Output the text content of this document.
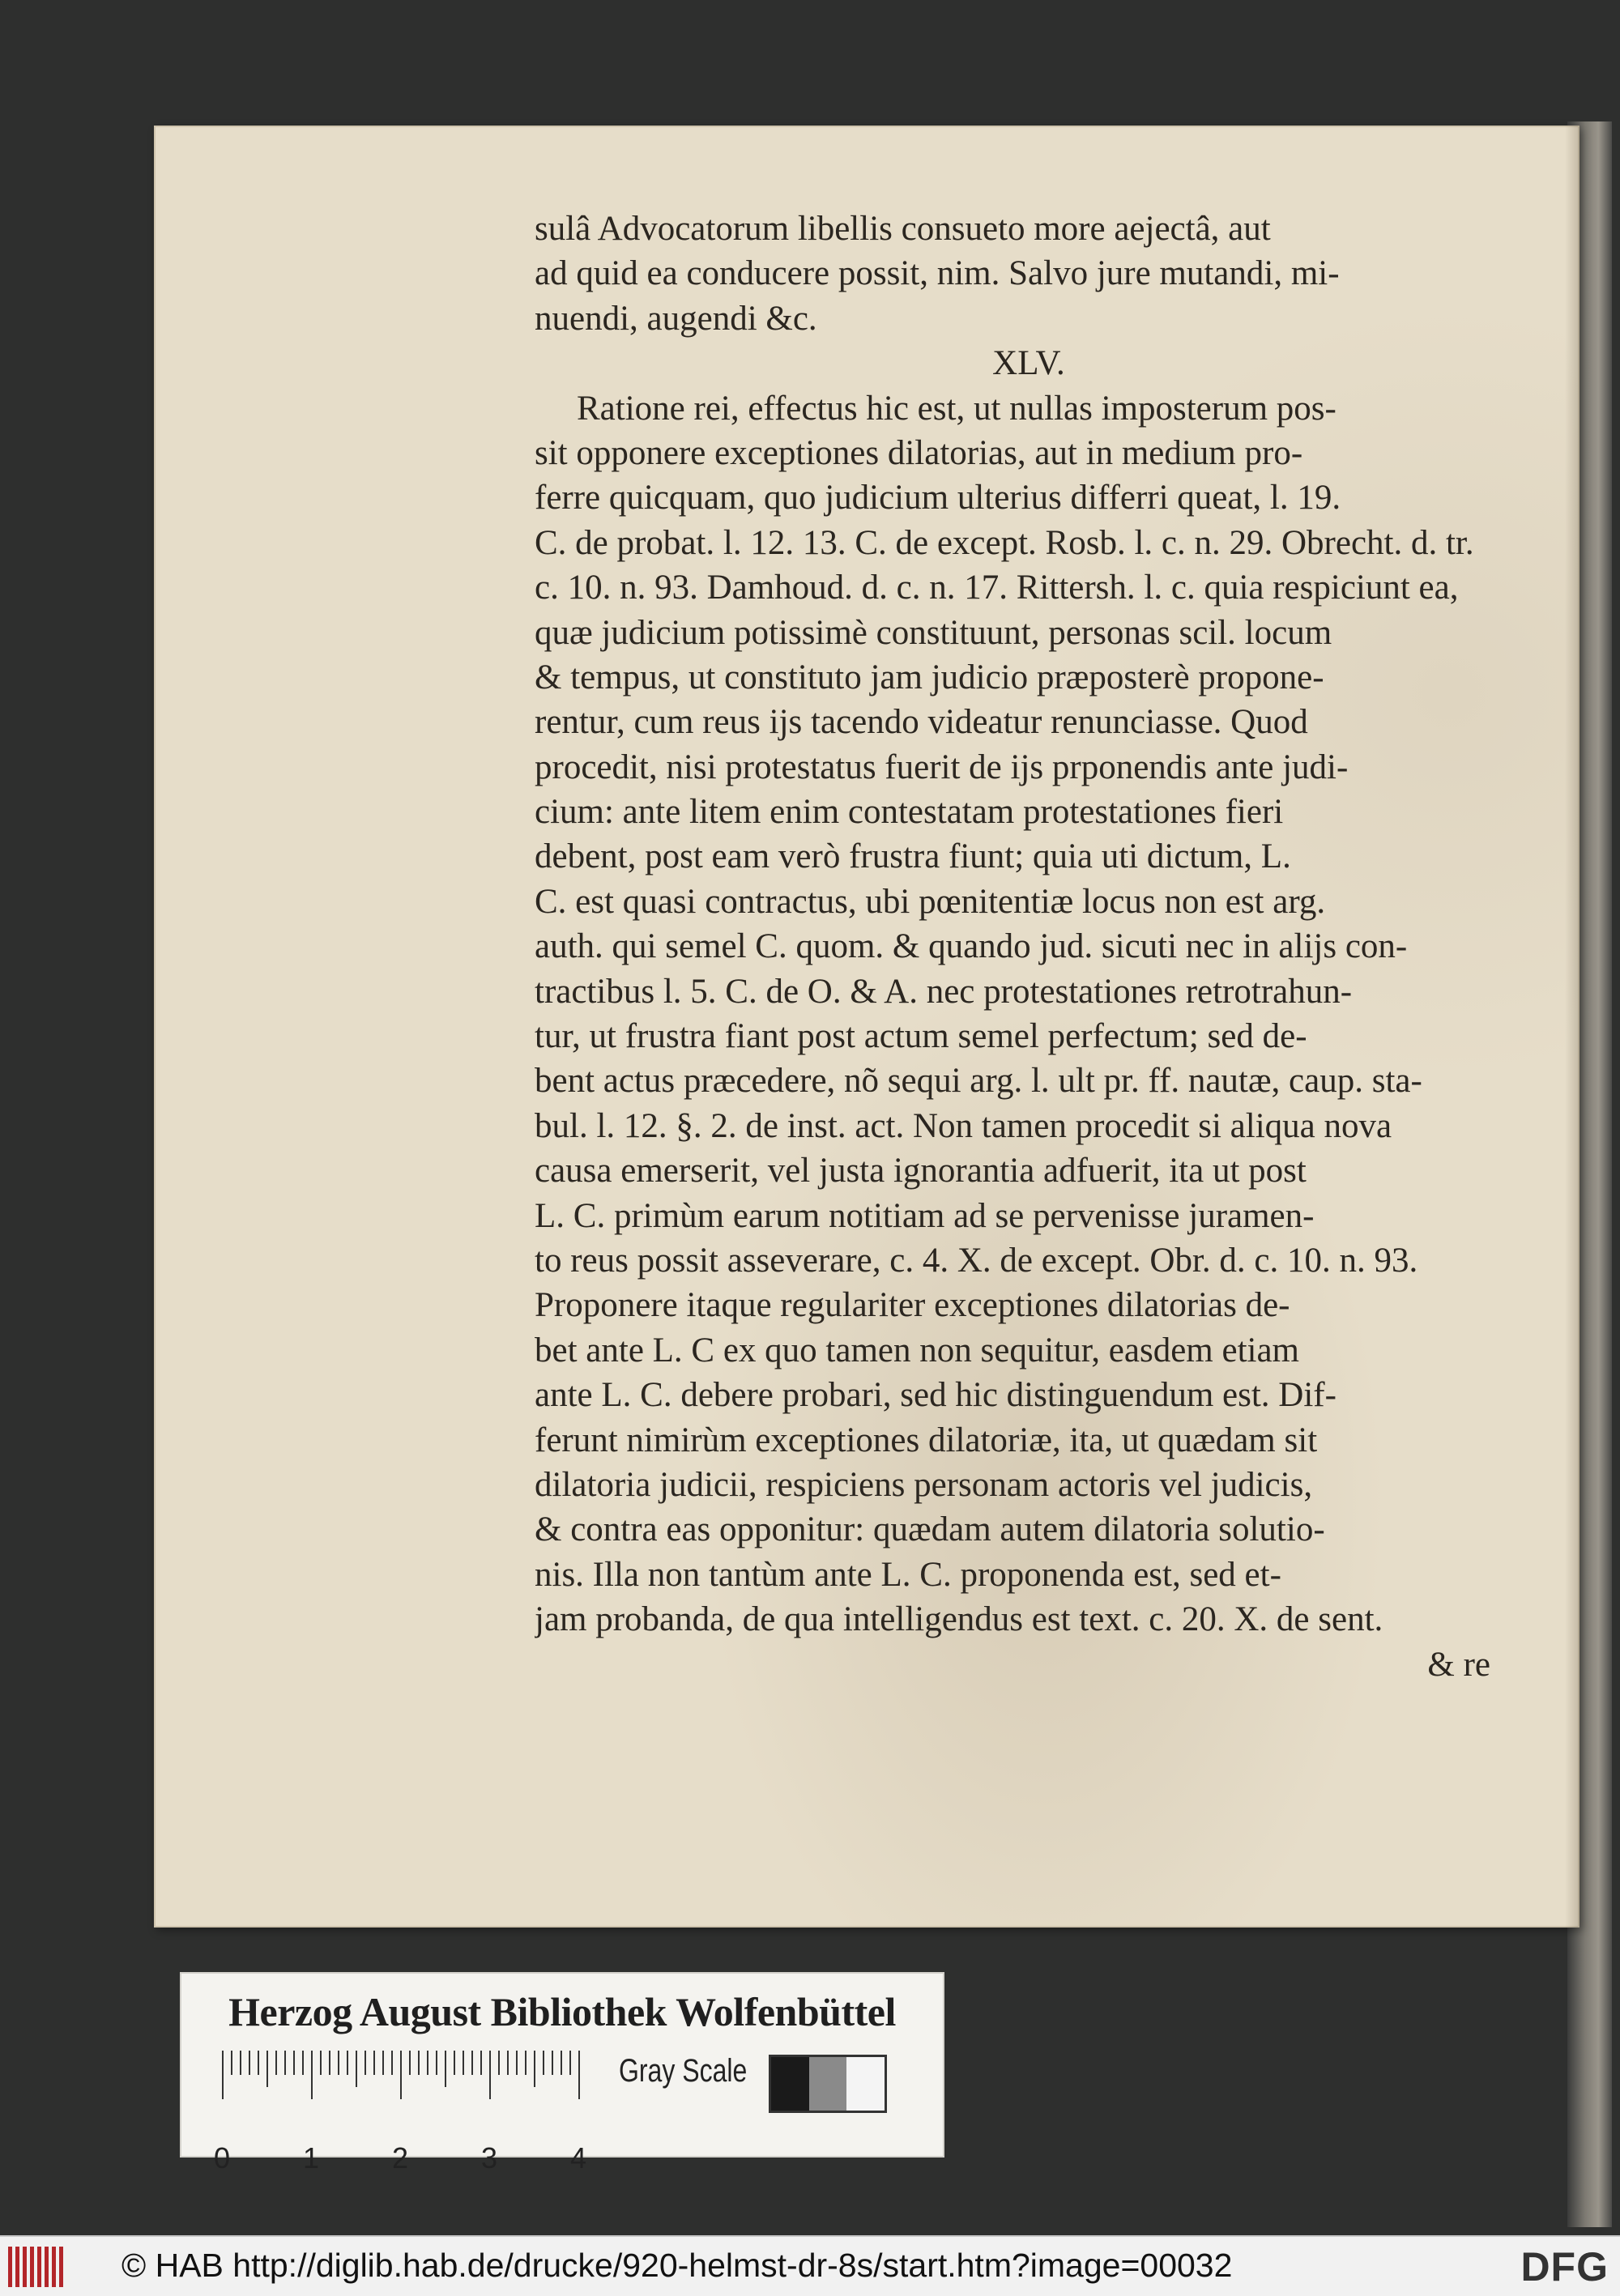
sulâ Advocatorum libellis consueto more aejectâ, aut
ad quid ea conducere possit, nim. Salvo jure mutandi, mi-
nuendi, augendi &c.
XLV.
Ratione rei, effectus hic est, ut nullas imposterum pos-
sit opponere exceptiones dilatorias, aut in medium pro-
ferre quicquam, quo judicium ulterius differri queat, l. 19.
C. de probat. l. 12. 13. C. de except. Rosb. l. c. n. 29. Obrecht. d. tr.
c. 10. n. 93. Damhoud. d. c. n. 17. Rittersh. l. c. quia respiciunt ea,
quæ judicium potissimè constituunt, personas scil. locum
& tempus, ut constituto jam judicio præposterè propone-
rentur, cum reus ijs tacendo videatur renunciasse. Quod
procedit, nisi protestatus fuerit de ijs prponendis ante judi-
cium: ante litem enim contestatam protestationes fieri
debent, post eam verò frustra fiunt; quia uti dictum, L.
C. est quasi contractus, ubi pœnitentiæ locus non est arg.
auth. qui semel C. quom. & quando jud. sicuti nec in alijs con-
tractibus l. 5. C. de O. & A. nec protestationes retrotrahun-
tur, ut frustra fiant post actum semel perfectum; sed de-
bent actus præcedere, nõ sequi arg. l. ult pr. ff. nautæ, caup. sta-
bul. l. 12. §. 2. de inst. act. Non tamen procedit si aliqua nova
causa emerserit, vel justa ignorantia adfuerit, ita ut post
L. C. primùm earum notitiam ad se pervenisse juramen-
to reus possit asseverare, c. 4. X. de except. Obr. d. c. 10. n. 93.
Proponere itaque regulariter exceptiones dilatorias de-
bet ante L. C ex quo tamen non sequitur, easdem etiam
ante L. C. debere probari, sed hic distinguendum est. Dif-
ferunt nimirùm exceptiones dilatoriæ, ita, ut quædam sit
dilatoria judicii, respiciens personam actoris vel judicis,
& contra eas opponitur: quædam autem dilatoria solutio-
nis. Illa non tantùm ante L. C. proponenda est, sed et-
jam probanda, de qua intelligendus est text. c. 20. X. de sent.
& re
Herzog August Bibliothek Wolfenbüttel
0 1 2 3 4
Gray Scale
© HAB http://diglib.hab.de/drucke/920-helmst-dr-8s/start.htm?image=00032	DFG
